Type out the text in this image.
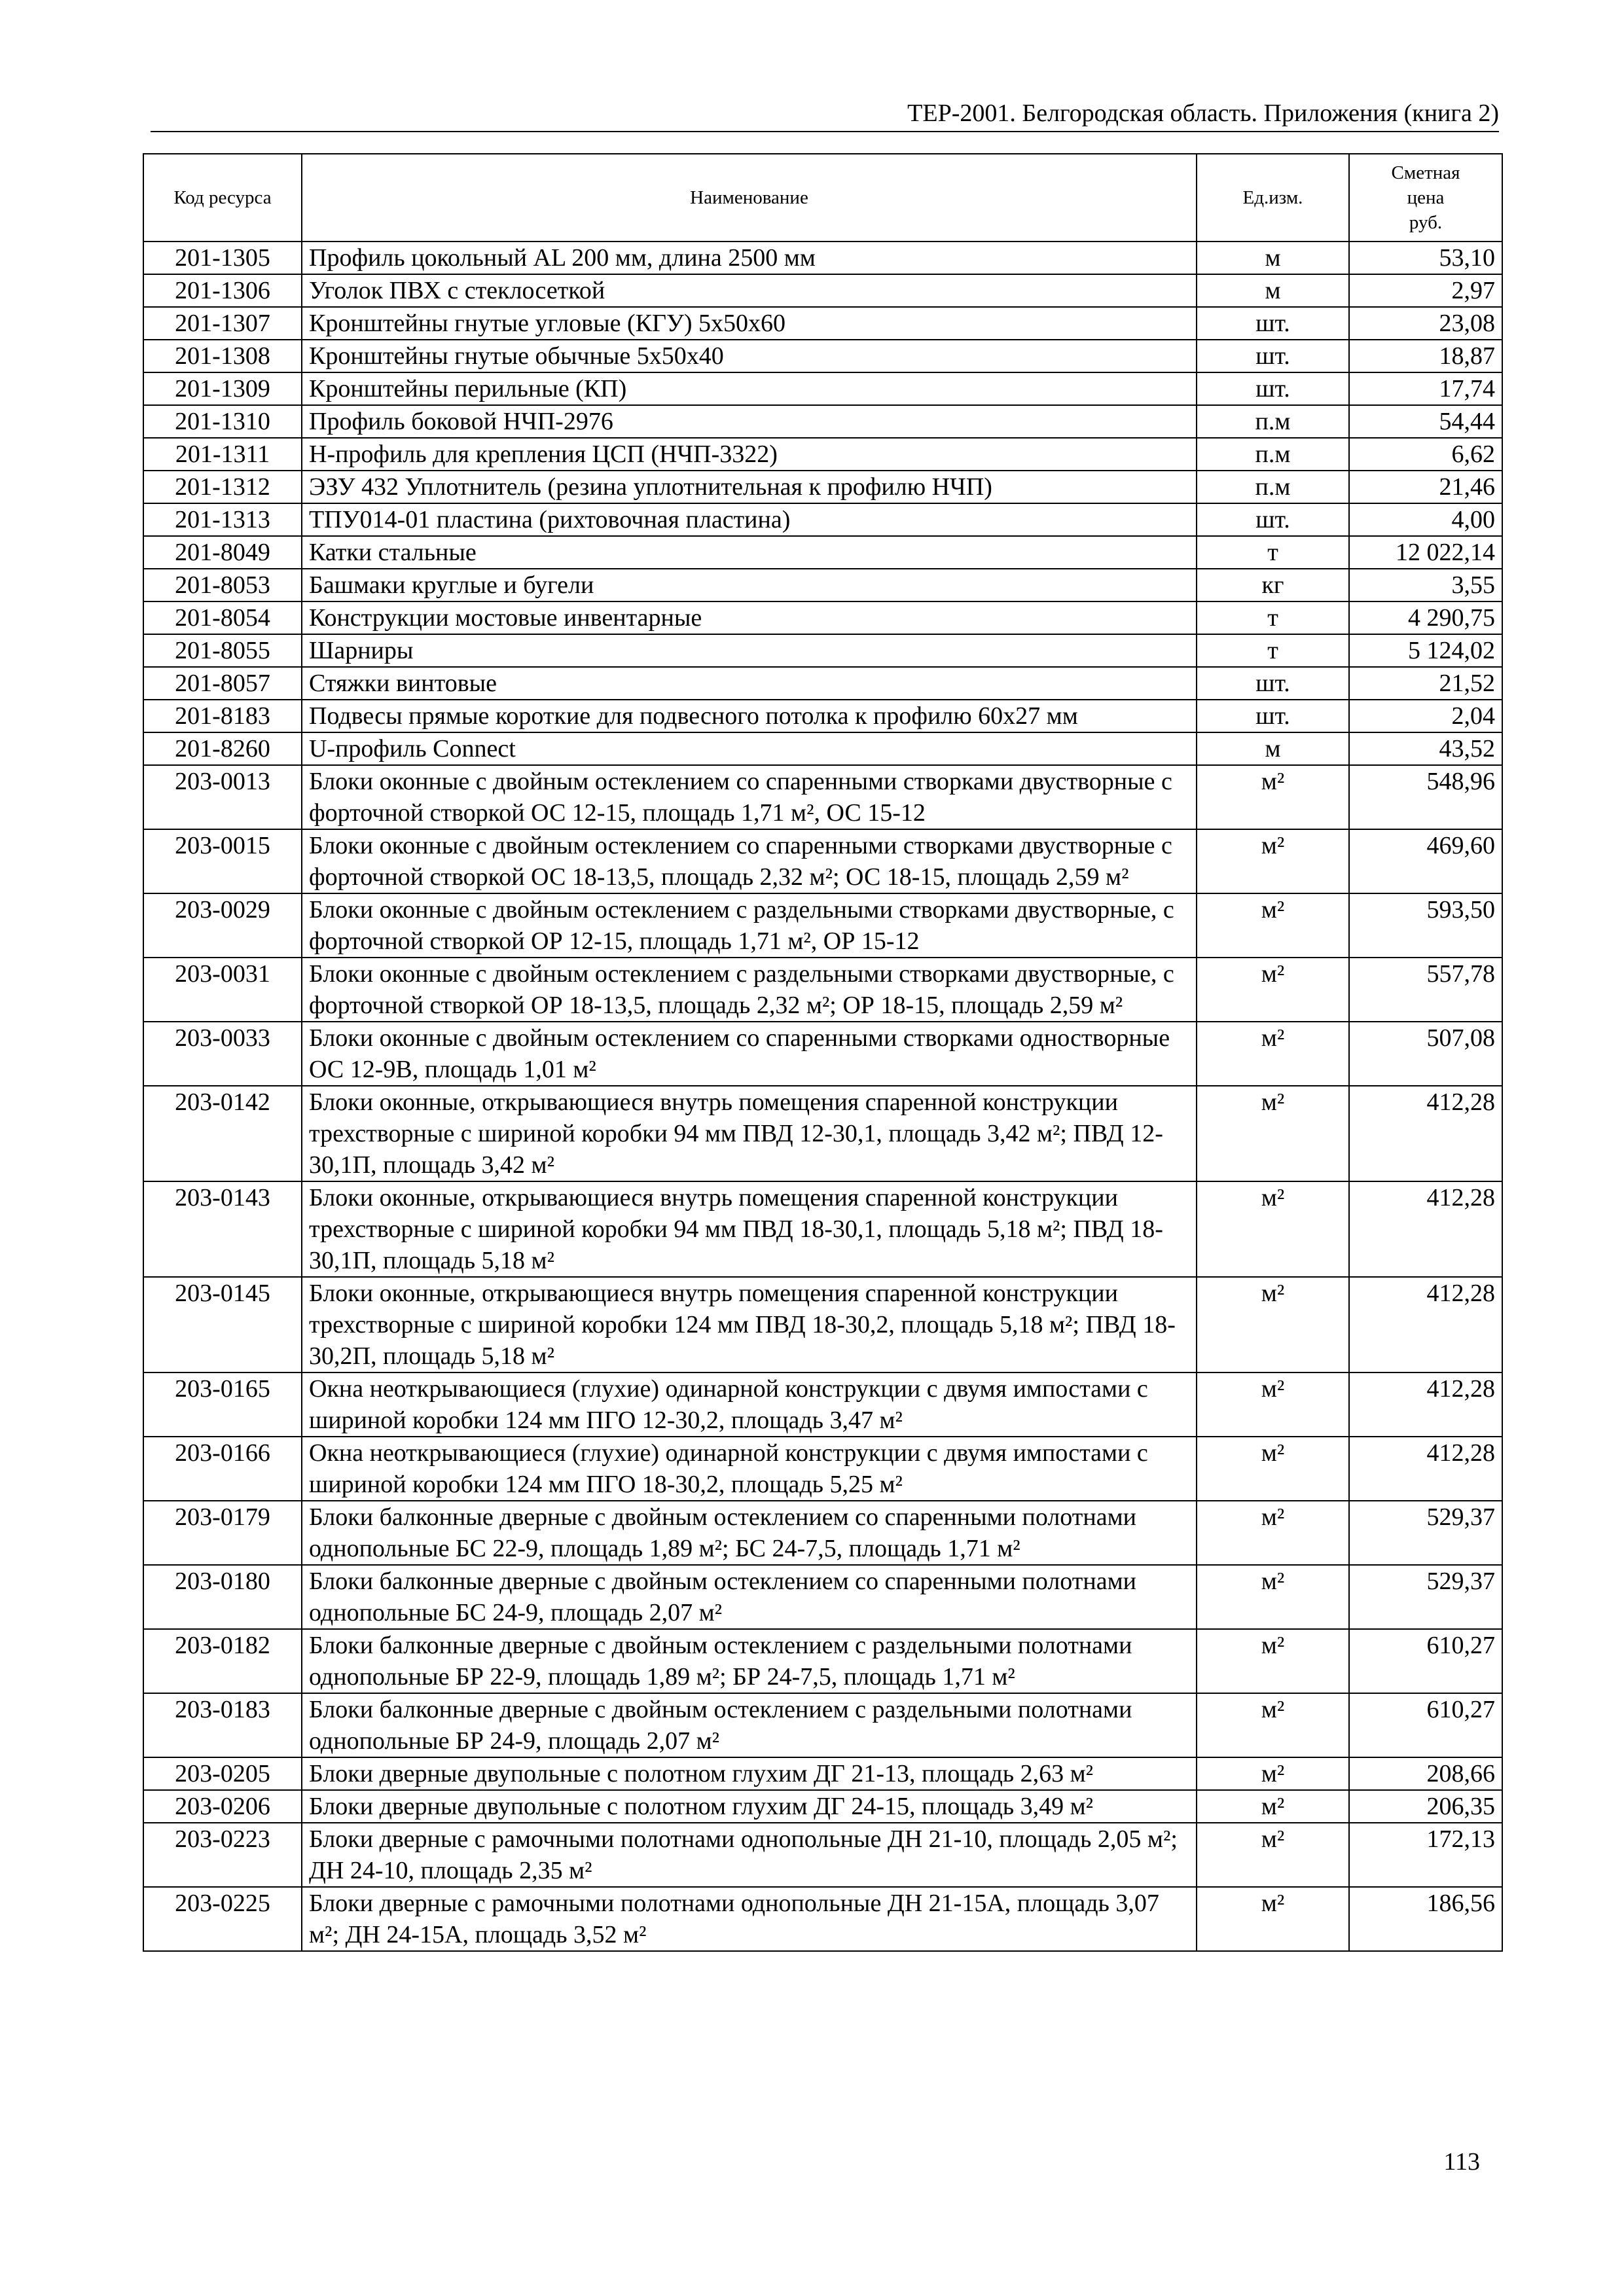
ТЕР-2001. Белгородская область. Приложения (книга 2)
Код ресурса	Наименование	Ед.изм.	Сметная
цена
руб.
201-1305	Профиль цокольный AL 200 мм, длина 2500 мм	м	53,10
201-1306	Уголок ПВХ с стеклосеткой	м	2,97
201-1307	Кронштейны гнутые угловые (КГУ) 5х50х60	шт.	23,08
201-1308	Кронштейны гнутые обычные 5х50х40	шт.	18,87
201-1309	Кронштейны перильные (КП)	шт.	17,74
201-1310	Профиль боковой НЧП-2976	п.м	54,44
201-1311	Н-профиль для крепления ЦСП (НЧП-3322)	п.м	6,62
201-1312	ЭЗУ 432 Уплотнитель (резина уплотнительная к профилю НЧП)	п.м	21,46
201-1313	ТПУ014-01 пластина (рихтовочная пластина)	шт.	4,00
201-8049	Катки стальные	т	12 022,14
201-8053	Башмаки круглые и бугели	кг	3,55
201-8054	Конструкции мостовые инвентарные	т	4 290,75
201-8055	Шарниры	т	5 124,02
201-8057	Стяжки винтовые	шт.	21,52
201-8183	Подвесы прямые короткие для подвесного потолка к профилю 60х27 мм	шт.	2,04
201-8260	U-профиль Connect	м	43,52
203-0013	Блоки оконные с двойным остеклением со спаренными створками двустворные с форточной створкой ОС 12-15, площадь 1,71 м², ОС 15-12	м²	548,96
203-0015	Блоки оконные с двойным остеклением со спаренными створками двустворные с форточной створкой ОС 18-13,5, площадь 2,32 м²; ОС 18-15, площадь 2,59 м²	м²	469,60
203-0029	Блоки оконные с двойным остеклением с раздельными створками двустворные, с форточной створкой ОР 12-15, площадь 1,71 м², ОР 15-12	м²	593,50
203-0031	Блоки оконные с двойным остеклением с раздельными створками двустворные, с форточной створкой ОР 18-13,5, площадь 2,32 м²; ОР 18-15, площадь 2,59 м²	м²	557,78
203-0033	Блоки оконные с двойным остеклением со спаренными створками одностворные ОС 12-9В, площадь 1,01 м²	м²	507,08
203-0142	Блоки оконные, открывающиеся внутрь помещения спаренной конструкции трехстворные с шириной коробки 94 мм ПВД 12-30,1, площадь 3,42 м²; ПВД 12-30,1П, площадь 3,42 м²	м²	412,28
203-0143	Блоки оконные, открывающиеся внутрь помещения спаренной конструкции трехстворные с шириной коробки 94 мм ПВД 18-30,1, площадь 5,18 м²; ПВД 18-30,1П, площадь 5,18 м²	м²	412,28
203-0145	Блоки оконные, открывающиеся внутрь помещения спаренной конструкции трехстворные с шириной коробки 124 мм ПВД 18-30,2, площадь 5,18 м²; ПВД 18-30,2П, площадь 5,18 м²	м²	412,28
203-0165	Окна неоткрывающиеся (глухие) одинарной конструкции с двумя импостами с шириной коробки 124 мм ПГО 12-30,2, площадь 3,47 м²	м²	412,28
203-0166	Окна неоткрывающиеся (глухие) одинарной конструкции с двумя импостами с шириной коробки 124 мм ПГО 18-30,2, площадь 5,25 м²	м²	412,28
203-0179	Блоки балконные дверные с двойным остеклением со спаренными полотнами однопольные БС 22-9, площадь 1,89 м²; БС 24-7,5, площадь 1,71 м²	м²	529,37
203-0180	Блоки балконные дверные с двойным остеклением со спаренными полотнами однопольные БС 24-9, площадь 2,07 м²	м²	529,37
203-0182	Блоки балконные дверные с двойным остеклением с раздельными полотнами однопольные БР 22-9, площадь 1,89 м²; БР 24-7,5, площадь 1,71 м²	м²	610,27
203-0183	Блоки балконные дверные с двойным остеклением с раздельными полотнами однопольные БР 24-9, площадь 2,07 м²	м²	610,27
203-0205	Блоки дверные двупольные с полотном глухим ДГ 21-13, площадь 2,63 м²	м²	208,66
203-0206	Блоки дверные двупольные с полотном глухим ДГ 24-15, площадь 3,49 м²	м²	206,35
203-0223	Блоки дверные с рамочными полотнами однопольные ДН 21-10, площадь 2,05 м²; ДН 24-10, площадь 2,35 м²	м²	172,13
203-0225	Блоки дверные с рамочными полотнами однопольные ДН 21-15А, площадь 3,07 м²; ДН 24-15А, площадь 3,52 м²	м²	186,56
113
